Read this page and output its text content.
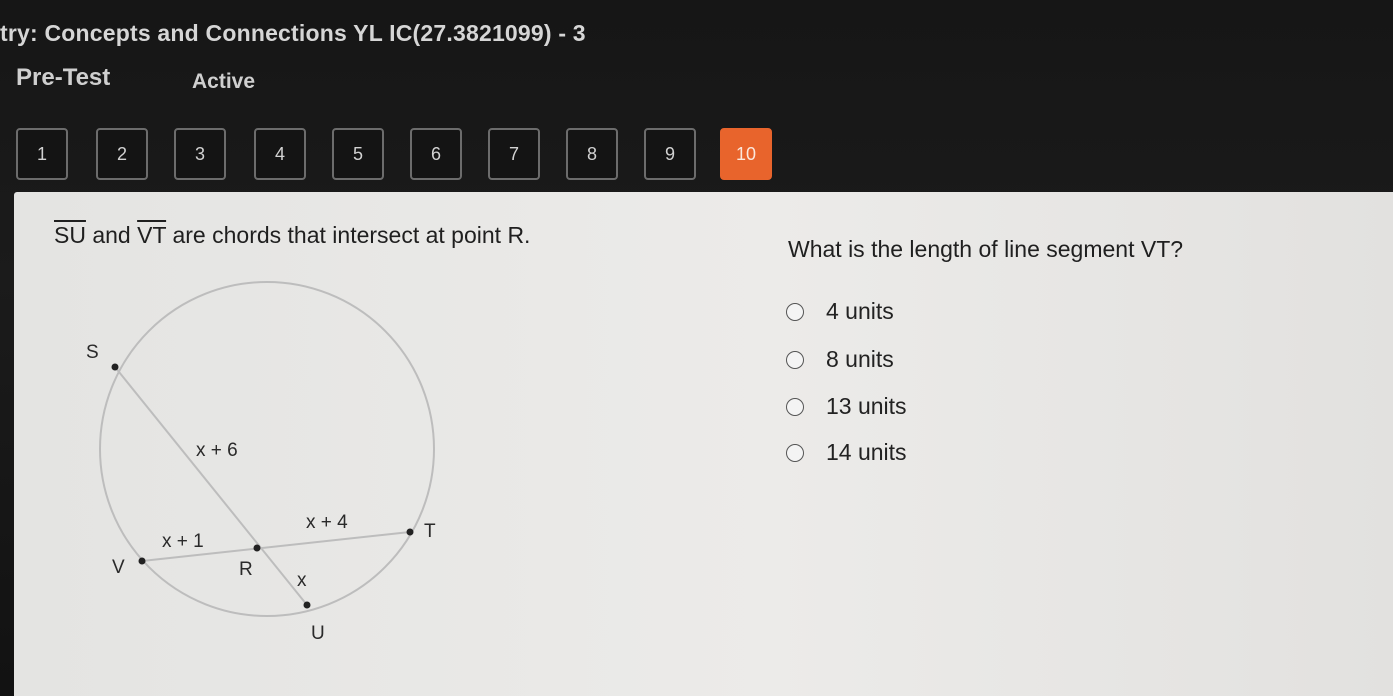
try: Concepts and Connections YL IC(27.3821099) - 3
Pre-Test	Active
1	2	3	4	5	6	7	8	9	10
$\overline{SU}$ and $\overline{VT}$ are chords that intersect at point R.
What is the length of line segment VT?
4 units
8 units
13 units
14 units
S
T
U
V	R
x + 6
x + 1
x + 4
x
